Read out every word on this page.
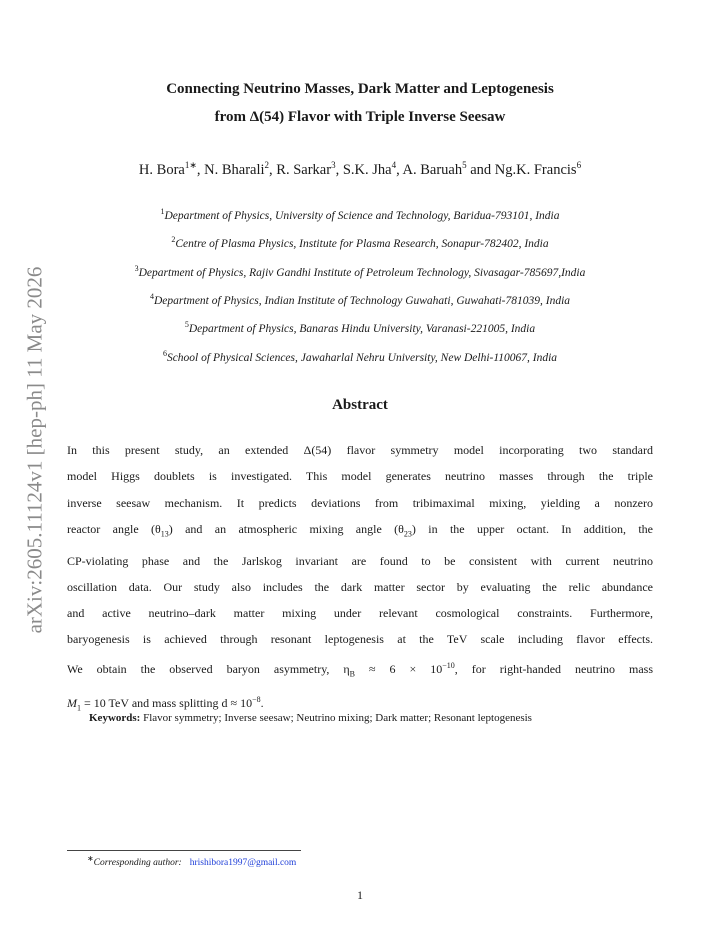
arXiv:2605.11124v1 [hep-ph] 11 May 2026
Connecting Neutrino Masses, Dark Matter and Leptogenesis
from Δ(54) Flavor with Triple Inverse Seesaw
H. Bora$^{1∗}$, N. Bharali$^2$, R. Sarkar$^3$, S.K. Jha$^4$, A. Baruah$^5$ and Ng.K. Francis$^6$
$^1$Department of Physics, University of Science and Technology, Baridua-793101, India
$^2$Centre of Plasma Physics, Institute for Plasma Research, Sonapur-782402, India
$^3$Department of Physics, Rajiv Gandhi Institute of Petroleum Technology, Sivasagar-785697,India
$^4$Department of Physics, Indian Institute of Technology Guwahati, Guwahati-781039, India
$^5$Department of Physics, Banaras Hindu University, Varanasi-221005, India
$^6$School of Physical Sciences, Jawaharlal Nehru University, New Delhi-110067, India
Abstract
In this present study, an extended Δ(54) flavor symmetry model incorporating two standard
model Higgs doublets is investigated. This model generates neutrino masses through the triple
inverse seesaw mechanism. It predicts deviations from tribimaximal mixing, yielding a nonzero
reactor angle $(\theta_{13})$ and an atmospheric mixing angle $(\theta_{23})$ in the upper octant. In addition, the
CP-violating phase and the Jarlskog invariant are found to be consistent with current neutrino
oscillation data. Our study also includes the dark matter sector by evaluating the relic abundance
and active neutrino–dark matter mixing under relevant cosmological constraints. Furthermore,
baryogenesis is achieved through resonant leptogenesis at the TeV scale including flavor effects.
We obtain the observed baryon asymmetry, $\eta_B \approx 6 \times 10^{-10}$, for right-handed neutrino mass
$M_1 = 10$ TeV and mass splitting $d \approx 10^{-8}$.
Keywords: Flavor symmetry; Inverse seesaw; Neutrino mixing; Dark matter; Resonant leptogenesis
∗Corresponding author: hrishibora1997@gmail.com
1
